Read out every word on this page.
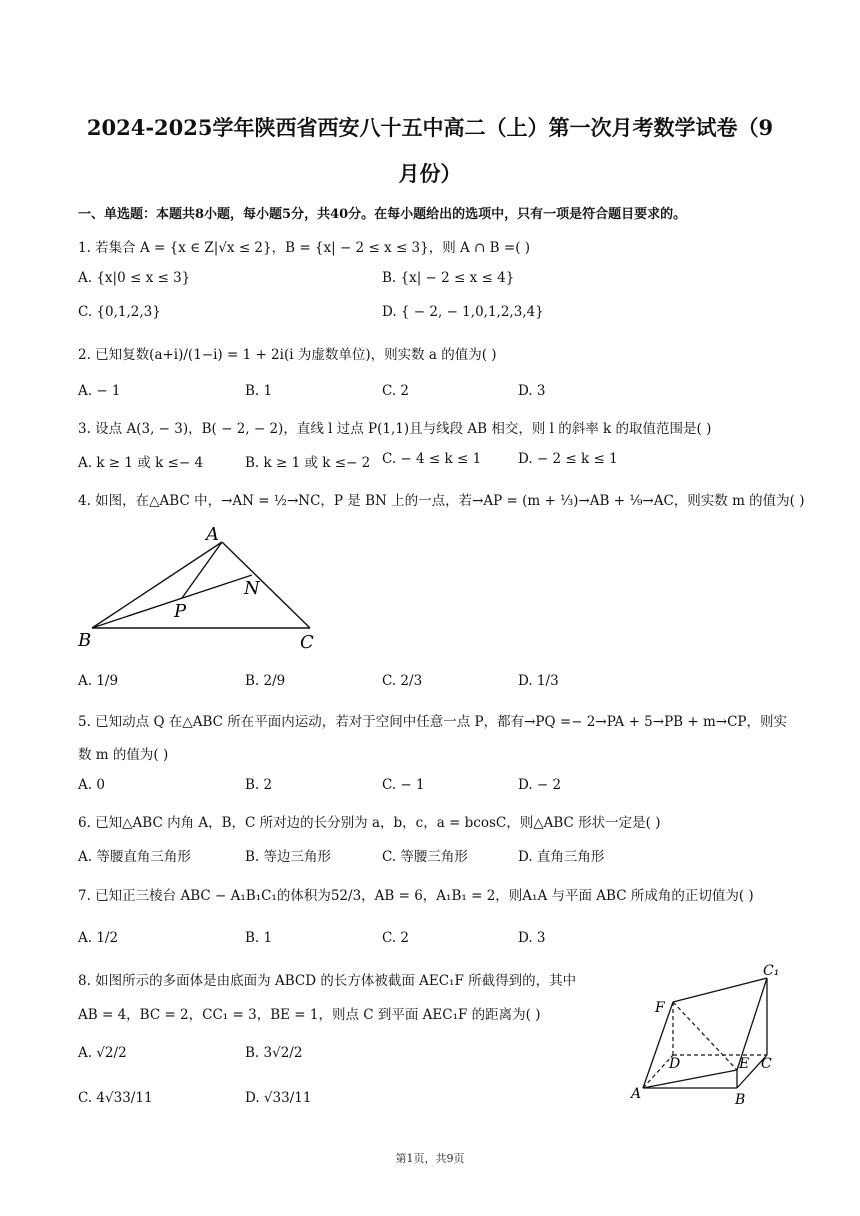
2024-2025学年陕西省西安八十五中高二（上）第一次月考数学试卷（9
月份）
一、单选题：本题共8小题，每小题5分，共40分。在每小题给出的选项中，只有一项是符合题目要求的。
1. 若集合 A = {x ∈ Z|√x ≤ 2}，B = {x| − 2 ≤ x ≤ 3}，则 A ∩ B =( )
A. {x|0 ≤ x ≤ 3}	B. {x| − 2 ≤ x ≤ 4}
C. {0,1,2,3}	D. { − 2, − 1,0,1,2,3,4}
2. 已知复数(a+i)/(1−i) = 1 + 2i(i 为虚数单位)，则实数 a 的值为( )
A. − 1	B. 1	C. 2	D. 3
3. 设点 A(3, − 3)，B( − 2, − 2)，直线 l 过点 P(1,1)且与线段 AB 相交，则 l 的斜率 k 的取值范围是( )
A. k ≥ 1 或 k ≤− 4	B. k ≥ 1 或 k ≤− 2 C. − 4 ≤ k ≤ 1	D. − 2 ≤ k ≤ 1
4. 如图，在△ABC 中，→AN = ½→NC，P 是 BN 上的一点，若→AP = (m + ⅓)→AB + ⅑→AC，则实数 m 的值为( )
A
N
P
B	C
A. 1/9	B. 2/9	C. 2/3	D. 1/3
5. 已知动点 Q 在△ABC 所在平面内运动，若对于空间中任意一点 P，都有→PQ =− 2→PA + 5→PB + m→CP，则实
数 m 的值为( )
A. 0	B. 2	C. − 1	D. − 2
6. 已知△ABC 内角 A，B，C 所对边的长分别为 a，b，c，a = bcosC，则△ABC 形状一定是( )
A. 等腰直角三角形	B. 等边三角形	C. 等腰三角形	D. 直角三角形
7. 已知正三棱台 ABC − A₁B₁C₁的体积为52/3，AB = 6，A₁B₁ = 2，则A₁A 与平面 ABC 所成角的正切值为( )
A. 1/2	B. 1	C. 2	D. 3
8. 如图所示的多面体是由底面为 ABCD 的长方体被截面 AEC₁F 所截得到的，其中
AB = 4，BC = 2，CC₁ = 3，BE = 1，则点 C 到平面 AEC₁F 的距离为( )
A. √2/2	B. 3√2/2
C. 4√33/11	D. √33/11
C₁
F
D	E C
A	B
第1页，共9页
